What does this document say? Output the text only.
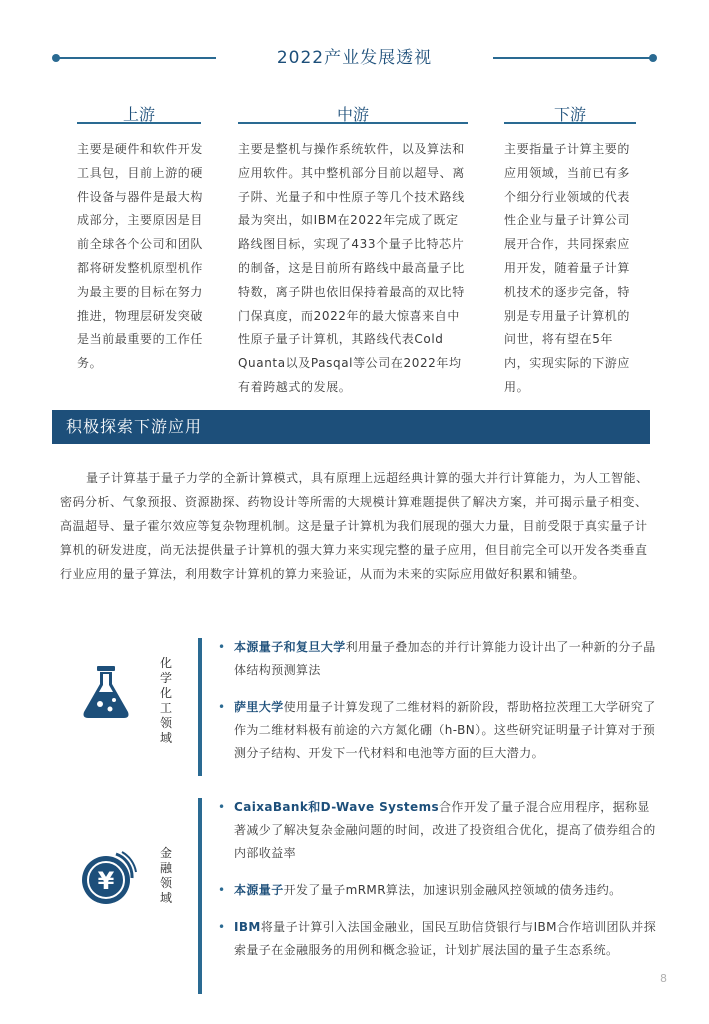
2022产业发展透视
上游
主要是硬件和软件开发工具包，目前上游的硬件设备与器件是最大构成部分，主要原因是目前全球各个公司和团队都将研发整机原型机作为最主要的目标在努力推进，物理层研发突破是当前最重要的工作任务。
中游
主要是整机与操作系统软件，以及算法和应用软件。其中整机部分目前以超导、离子阱、光量子和中性原子等几个技术路线最为突出，如IBM在2022年完成了既定路线图目标，实现了433个量子比特芯片的制备，这是目前所有路线中最高量子比特数，离子阱也依旧保持着最高的双比特门保真度，而2022年的最大惊喜来自中性原子量子计算机，其路线代表Cold Quanta以及Pasqal等公司在2022年均有着跨越式的发展。
下游
主要指量子计算主要的应用领域，当前已有多个细分行业领域的代表性企业与量子计算公司展开合作，共同探索应用开发，随着量子计算机技术的逐步完备，特别是专用量子计算机的问世，将有望在5年内，实现实际的下游应用。
积极探索下游应用
量子计算基于量子力学的全新计算模式，具有原理上远超经典计算的强大并行计算能力，为人工智能、密码分析、气象预报、资源勘探、药物设计等所需的大规模计算难题提供了解决方案，并可揭示量子相变、高温超导、量子霍尔效应等复杂物理机制。这是量子计算机为我们展现的强大力量，目前受限于真实量子计算机的研发进度，尚无法提供量子计算机的强大算力来实现完整的量子应用，但目前完全可以开发各类垂直行业应用的量子算法，利用数字计算机的算力来验证，从而为未来的实际应用做好积累和铺垫。
化学化工领域
• 本源量子和复旦大学利用量子叠加态的并行计算能力设计出了一种新的分子晶体结构预测算法
• 萨里大学使用量子计算发现了二维材料的新阶段，帮助格拉茨理工大学研究了作为二维材料极有前途的六方氮化硼（h-BN）。这些研究证明量子计算对于预测分子结构、开发下一代材料和电池等方面的巨大潜力。
¥
金融领域
• CaixaBank和D-Wave Systems合作开发了量子混合应用程序，据称显著减少了解决复杂金融问题的时间，改进了投资组合优化，提高了债券组合的内部收益率
• 本源量子开发了量子mRMR算法，加速识别金融风控领域的债务违约。
• IBM将量子计算引入法国金融业，国民互助信贷银行与IBM合作培训团队并探索量子在金融服务的用例和概念验证，计划扩展法国的量子生态系统。
8
